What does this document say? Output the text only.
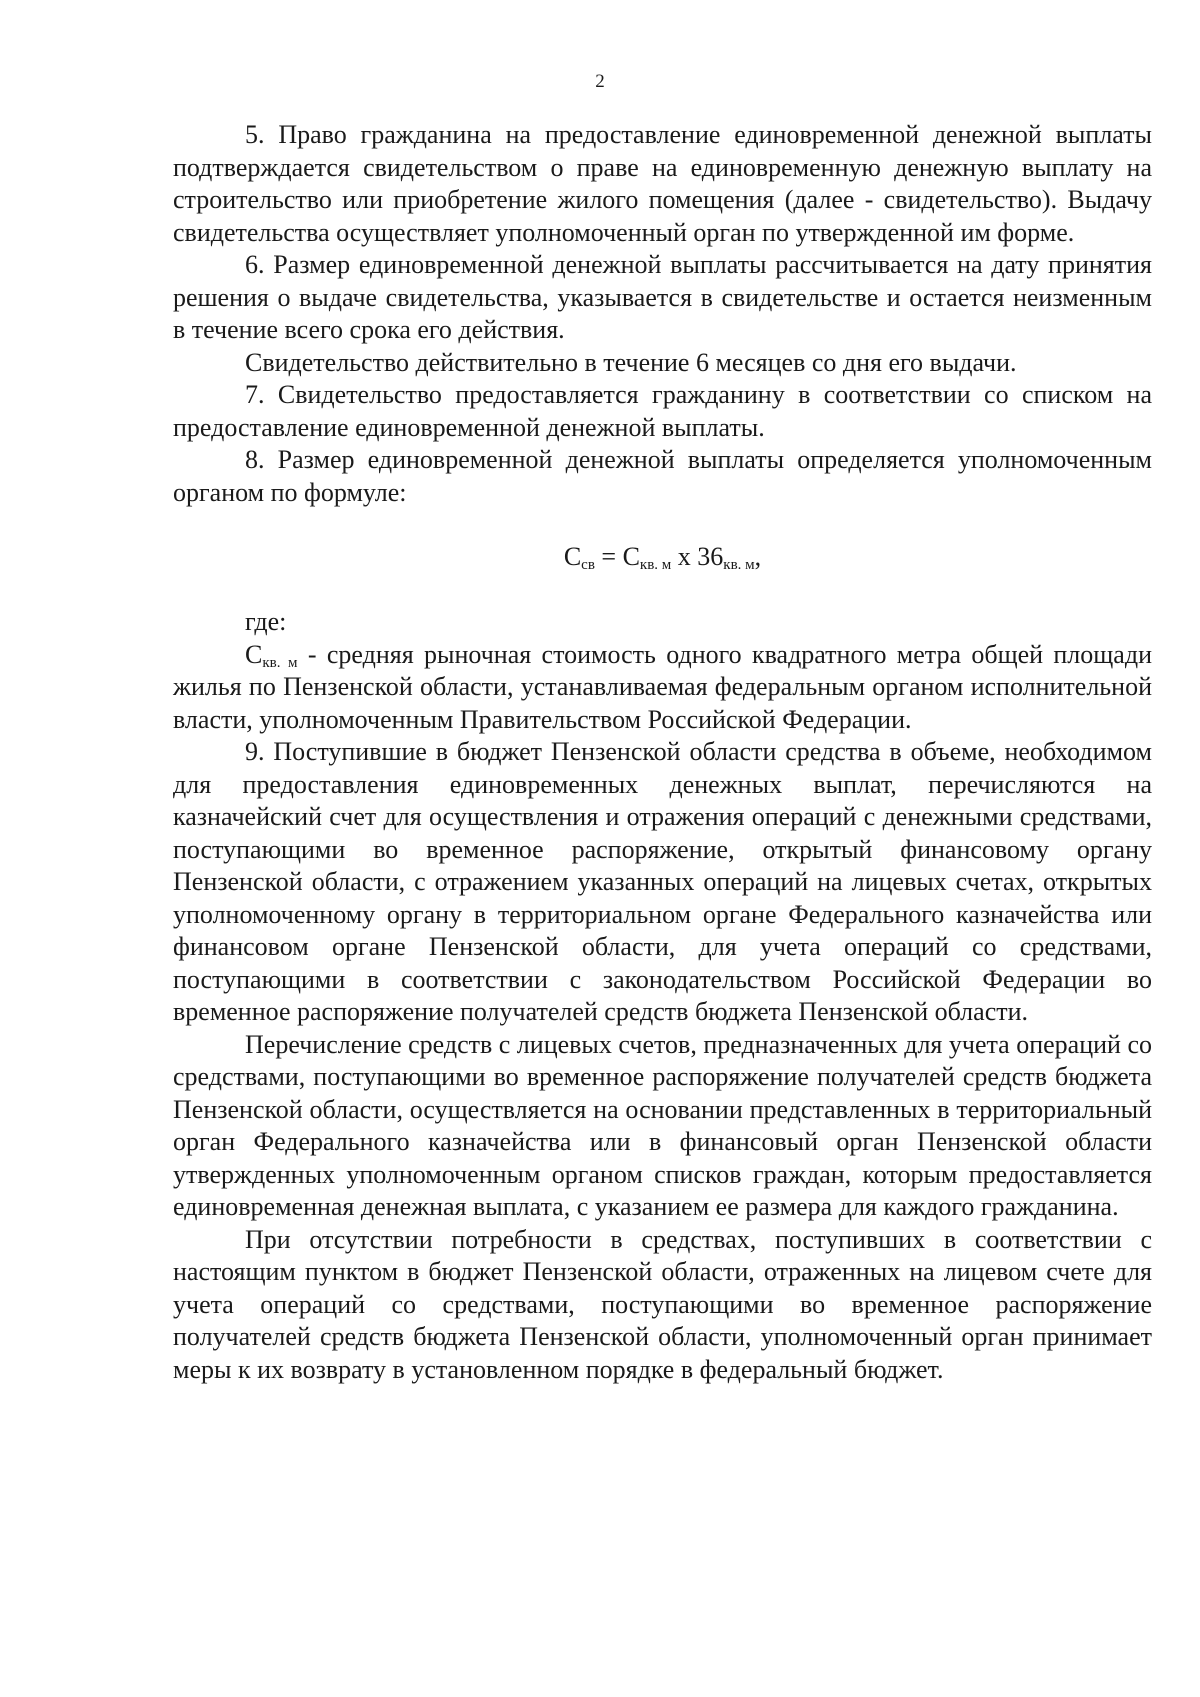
2

5. Право гражданина на предоставление единовременной денежной выплаты подтверждается свидетельством о праве на единовременную денежную выплату на строительство или приобретение жилого помещения (далее - свидетельство). Выдачу свидетельства осуществляет уполномоченный орган по утвержденной им форме.

6. Размер единовременной денежной выплаты рассчитывается на дату принятия решения о выдаче свидетельства, указывается в свидетельстве и остается неизменным в течение всего срока его действия.

Свидетельство действительно в течение 6 месяцев со дня его выдачи.

7. Свидетельство предоставляется гражданину в соответствии со списком на предоставление единовременной денежной выплаты.

8. Размер единовременной денежной выплаты определяется уполномоченным органом по формуле:

$С_{св} = С_{кв. м}$ х $36_{кв. м}$,

где:

$С_{кв. м}$ - средняя рыночная стоимость одного квадратного метра общей площади жилья по Пензенской области, устанавливаемая федеральным органом исполнительной власти, уполномоченным Правительством Российской Федерации.

9. Поступившие в бюджет Пензенской области средства в объеме, необходимом для предоставления единовременных денежных выплат, перечисляются на казначейский счет для осуществления и отражения операций с денежными средствами, поступающими во временное распоряжение, открытый финансовому органу Пензенской области, с отражением указанных операций на лицевых счетах, открытых уполномоченному органу в территориальном органе Федерального казначейства или финансовом органе Пензенской области, для учета операций со средствами, поступающими в соответствии с законодательством Российской Федерации во временное распоряжение получателей средств бюджета Пензенской области.

Перечисление средств с лицевых счетов, предназначенных для учета операций со средствами, поступающими во временное распоряжение получателей средств бюджета Пензенской области, осуществляется на основании представленных в территориальный орган Федерального казначейства или в финансовый орган Пензенской области утвержденных уполномоченным органом списков граждан, которым предоставляется единовременная денежная выплата, с указанием ее размера для каждого гражданина.

При отсутствии потребности в средствах, поступивших в соответствии с настоящим пунктом в бюджет Пензенской области, отраженных на лицевом счете для учета операций со средствами, поступающими во временное распоряжение получателей средств бюджета Пензенской области, уполномоченный орган принимает меры к их возврату в установленном порядке в федеральный бюджет.
